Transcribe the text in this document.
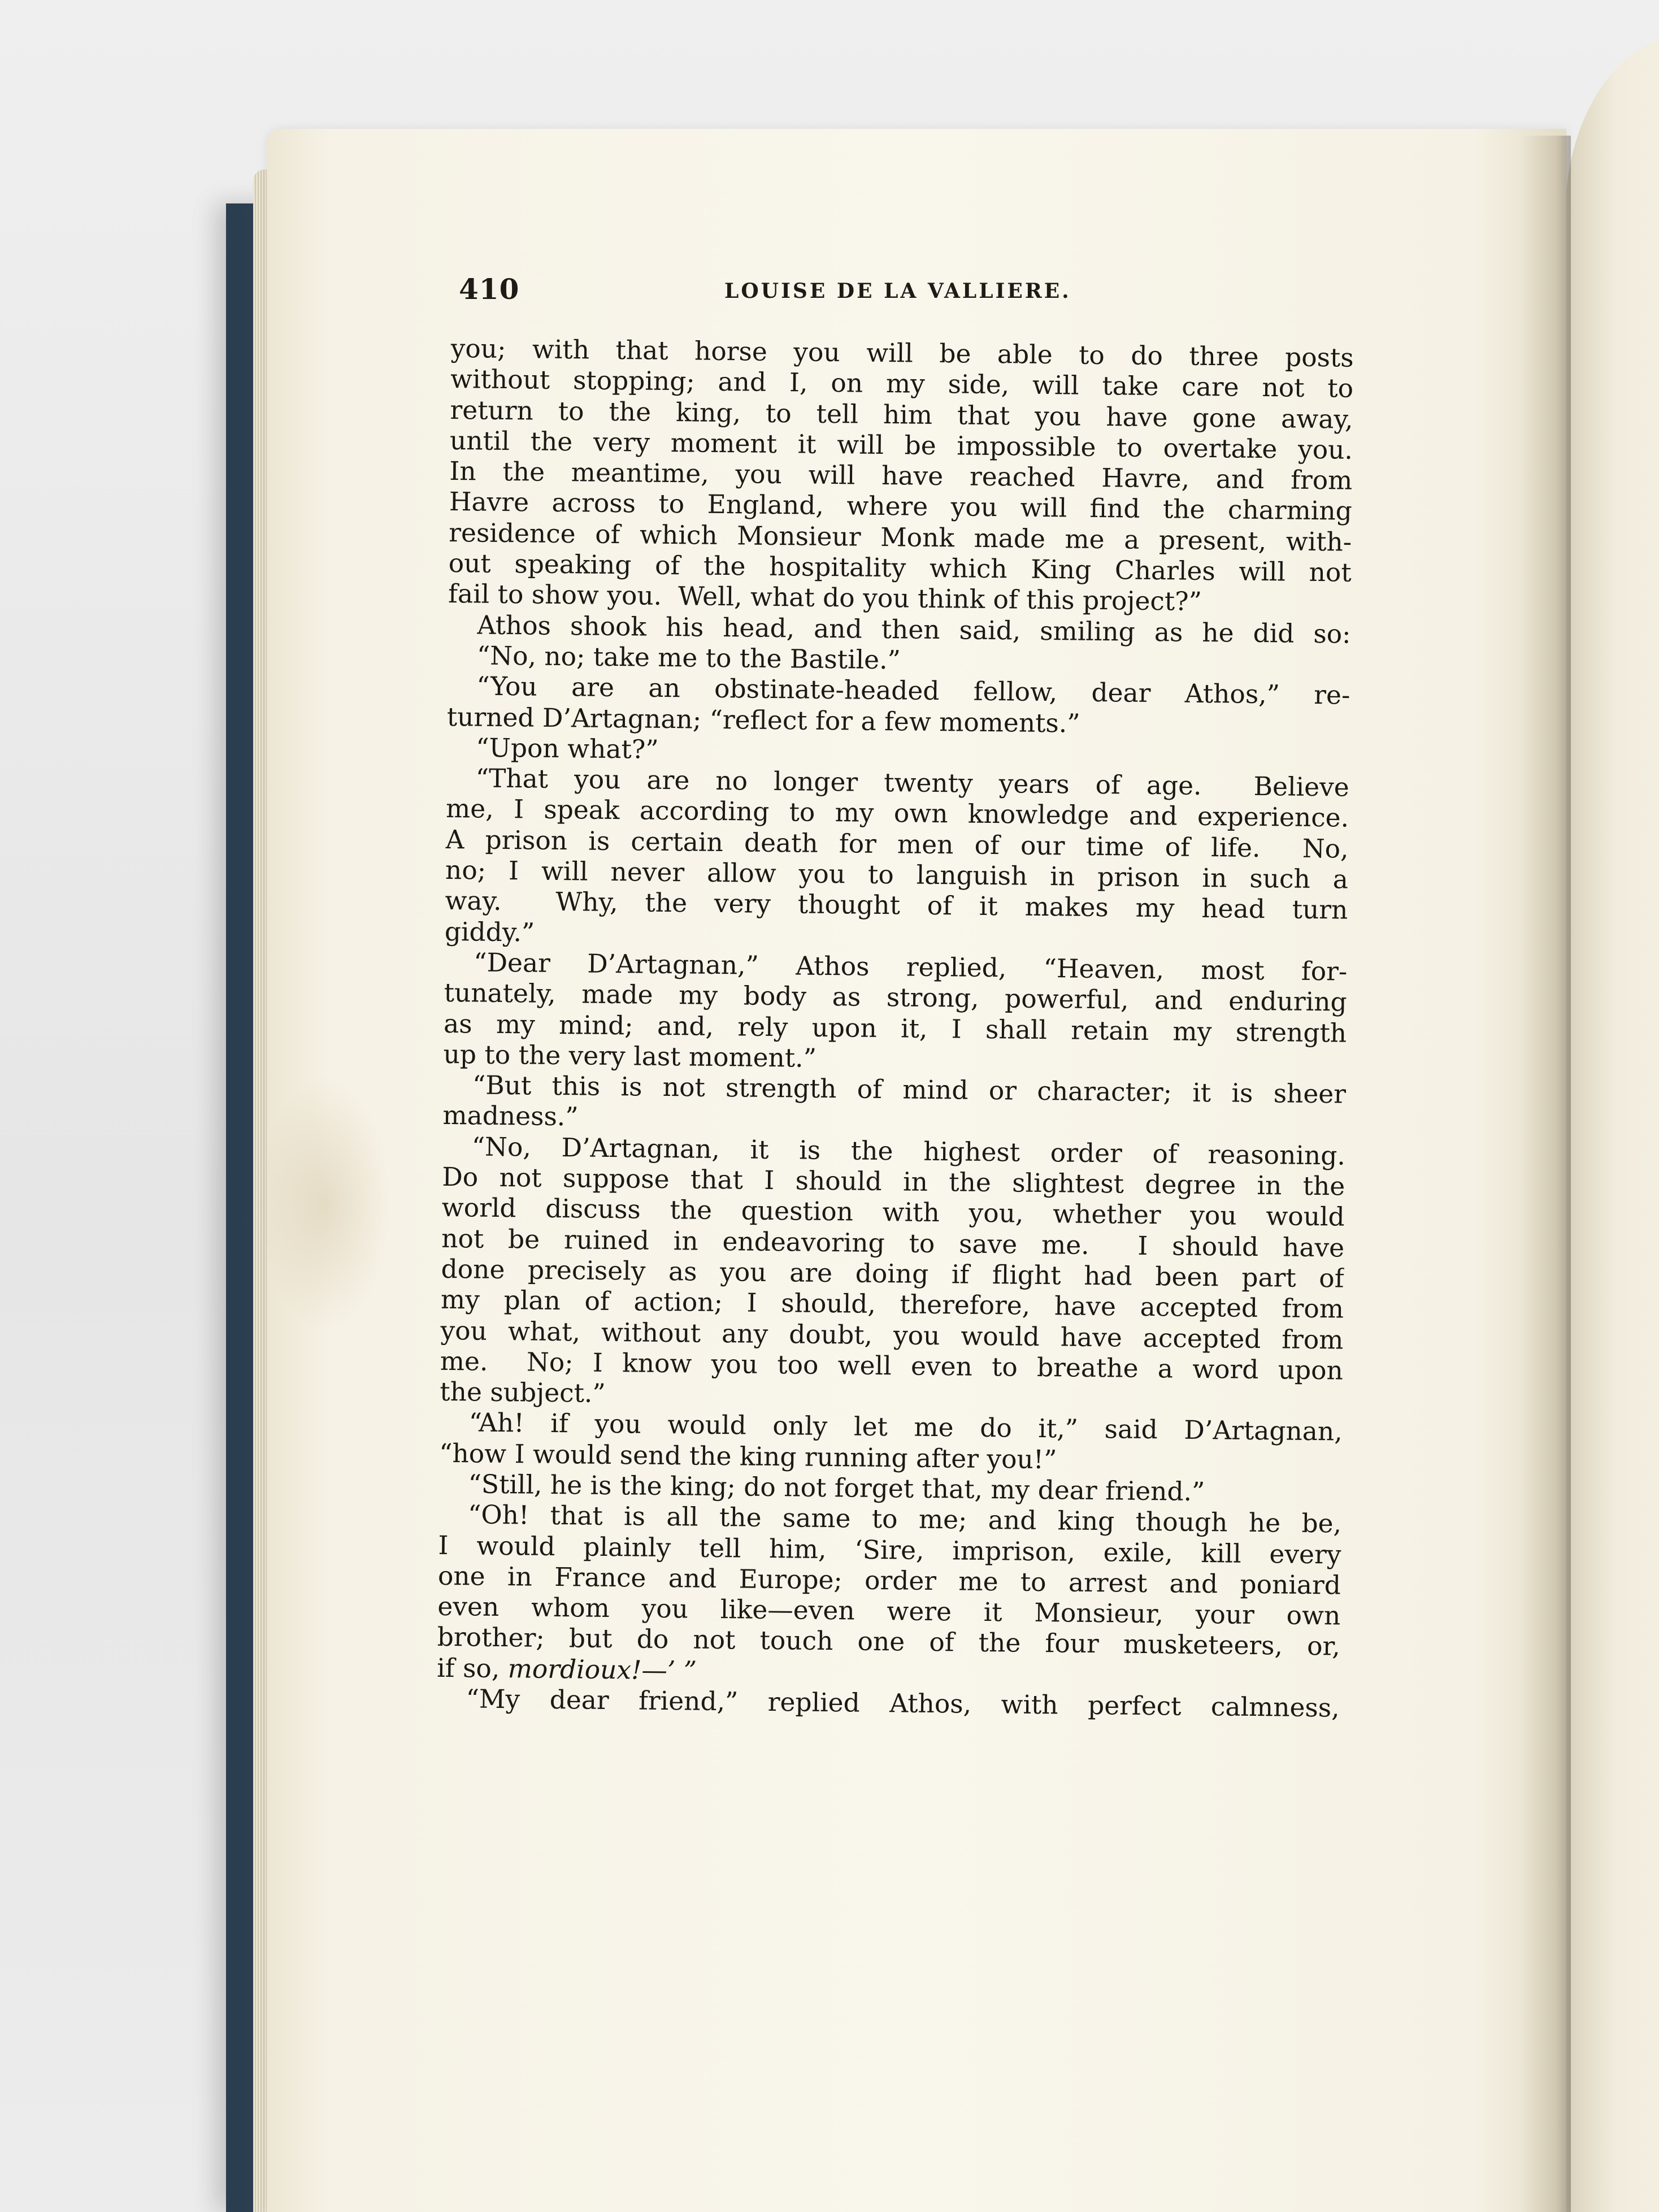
410	LOUISE DE LA VALLIERE.
you; with that horse you will be able to do three posts
without stopping; and I, on my side, will take care not to
return to the king, to tell him that you have gone away,
until the very moment it will be impossible to overtake you.
In the meantime, you will have reached Havre, and from
Havre across to England, where you will find the charming
residence of which Monsieur Monk made me a present, with-
out speaking of the hospitality which King Charles will not
fail to show you.  Well, what do you think of this project?”
Athos shook his head, and then said, smiling as he did so:
“No, no; take me to the Bastile.”
“You are an obstinate-headed fellow, dear Athos,” re-
turned D’Artagnan; “reflect for a few moments.”
“Upon what?”
“That you are no longer twenty years of age.  Believe
me, I speak according to my own knowledge and experience.
A prison is certain death for men of our time of life.  No,
no; I will never allow you to languish in prison in such a
way.  Why, the very thought of it makes my head turn
giddy.”
“Dear D’Artagnan,” Athos replied, “Heaven, most for-
tunately, made my body as strong, powerful, and enduring
as my mind; and, rely upon it, I shall retain my strength
up to the very last moment.”
“But this is not strength of mind or character; it is sheer
madness.”
“No, D’Artagnan, it is the highest order of reasoning.
Do not suppose that I should in the slightest degree in the
world discuss the question with you, whether you would
not be ruined in endeavoring to save me.  I should have
done precisely as you are doing if flight had been part of
my plan of action; I should, therefore, have accepted from
you what, without any doubt, you would have accepted from
me.  No; I know you too well even to breathe a word upon
the subject.”
“Ah! if you would only let me do it,” said D’Artagnan,
“how I would send the king running after you!”
“Still, he is the king; do not forget that, my dear friend.”
“Oh! that is all the same to me; and king though he be,
I would plainly tell him, ‘Sire, imprison, exile, kill every
one in France and Europe; order me to arrest and poniard
even whom you like—even were it Monsieur, your own
brother; but do not touch one of the four musketeers, or,
if so, mordioux!—’ ”
“My dear friend,” replied Athos, with perfect calmness,
